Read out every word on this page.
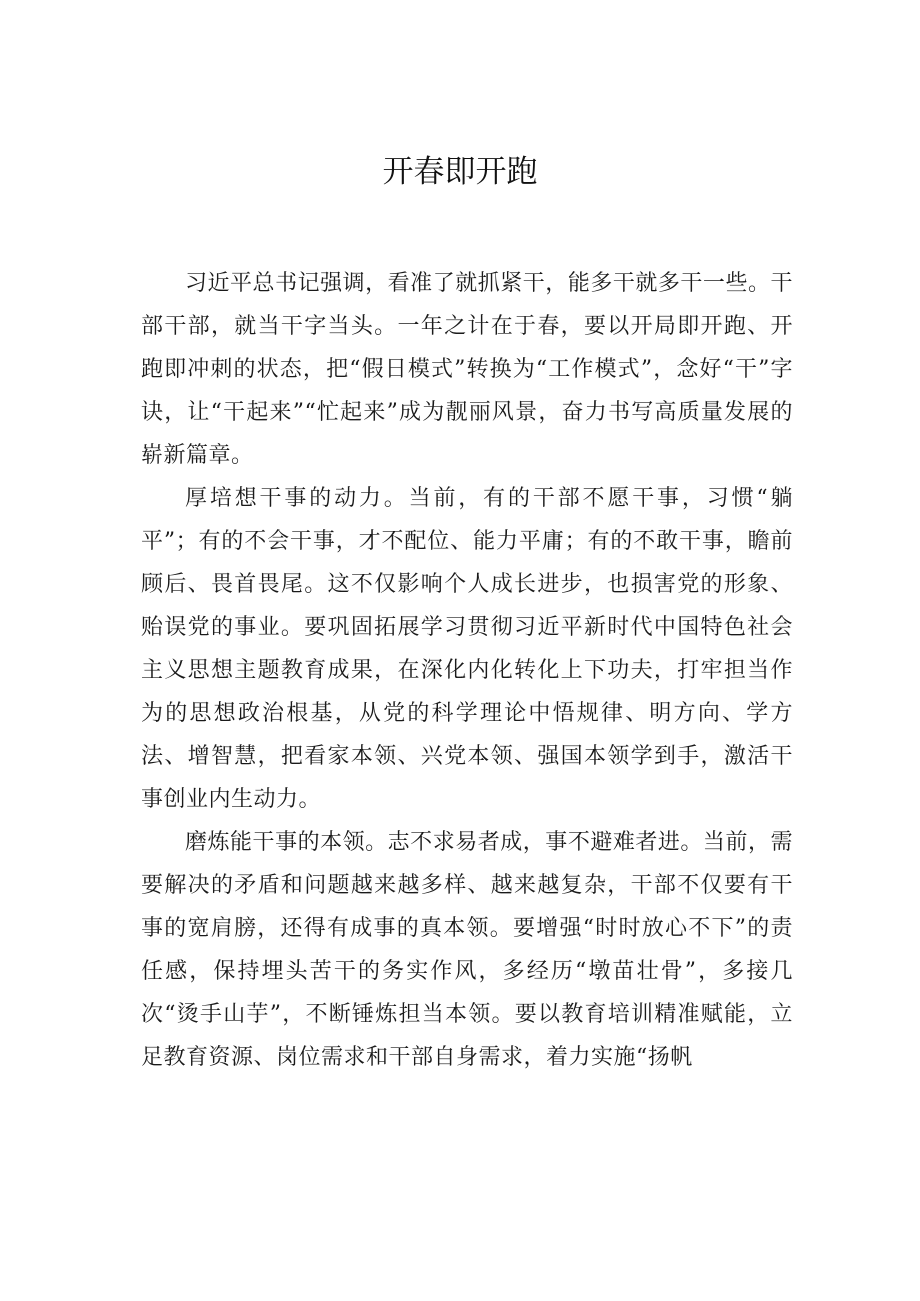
开春即开跑

习近平总书记强调，看准了就抓紧干，能多干就多干一些。干部干部，就当干字当头。一年之计在于春，要以开局即开跑、开跑即冲刺的状态，把“假日模式”转换为“工作模式”，念好“干”字诀，让“干起来”“忙起来”成为靓丽风景，奋力书写高质量发展的崭新篇章。

厚培想干事的动力。当前，有的干部不愿干事，习惯“躺平”；有的不会干事，才不配位、能力平庸；有的不敢干事，瞻前顾后、畏首畏尾。这不仅影响个人成长进步，也损害党的形象、贻误党的事业。要巩固拓展学习贯彻习近平新时代中国特色社会主义思想主题教育成果，在深化内化转化上下功夫，打牢担当作为的思想政治根基，从党的科学理论中悟规律、明方向、学方法、增智慧，把看家本领、兴党本领、强国本领学到手，激活干事创业内生动力。

磨炼能干事的本领。志不求易者成，事不避难者进。当前，需要解决的矛盾和问题越来越多样、越来越复杂，干部不仅要有干事的宽肩膀，还得有成事的真本领。要增强“时时放心不下”的责任感，保持埋头苦干的务实作风，多经历“墩苗壮骨”，多接几次“烫手山芋”，不断锤炼担当本领。要以教育培训精准赋能，立足教育资源、岗位需求和干部自身需求，着力实施“扬帆
